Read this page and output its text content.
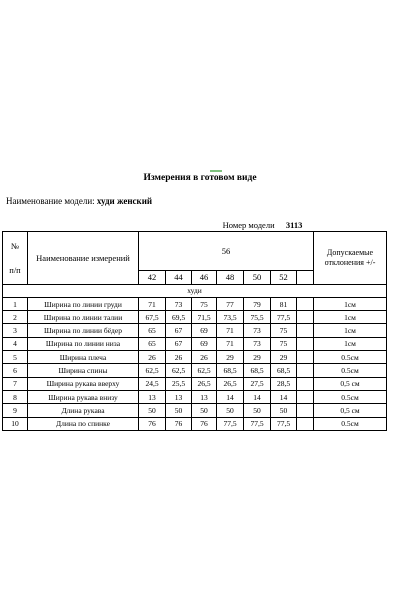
Измерения в готовом виде
Наименование модели: худи женский
		Номер модели 3113							

№
п/п	Наименование измерений	56							Допускаемые отклонения +/-
		42	44	46	48	50	52		
худи									
1	Ширина по линии груди	71	73	75	77	79	81		1см
2	Ширина по линии талии	67,5	69,5	71,5	73,5	75,5	77,5		1см
3	Ширина по линии бёдер	65	67	69	71	73	75		1см
4	Ширина по линии низа	65	67	69	71	73	75		1см
5	Ширина плеча	26	26	26	29	29	29		0.5см
6	Ширина спины	62,5	62,5	62,5	68,5	68,5	68,5		0.5см
7	Ширина рукава вверху	24,5	25,5	26,5	26,5	27,5	28,5		0,5 см
8	Ширина рукава внизу	13	13	13	14	14	14		0.5см
9	Длина рукава	50	50	50	50	50	50		0,5 см
10	Длина по спинке	76	76	76	77,5	77,5	77,5		0.5см
